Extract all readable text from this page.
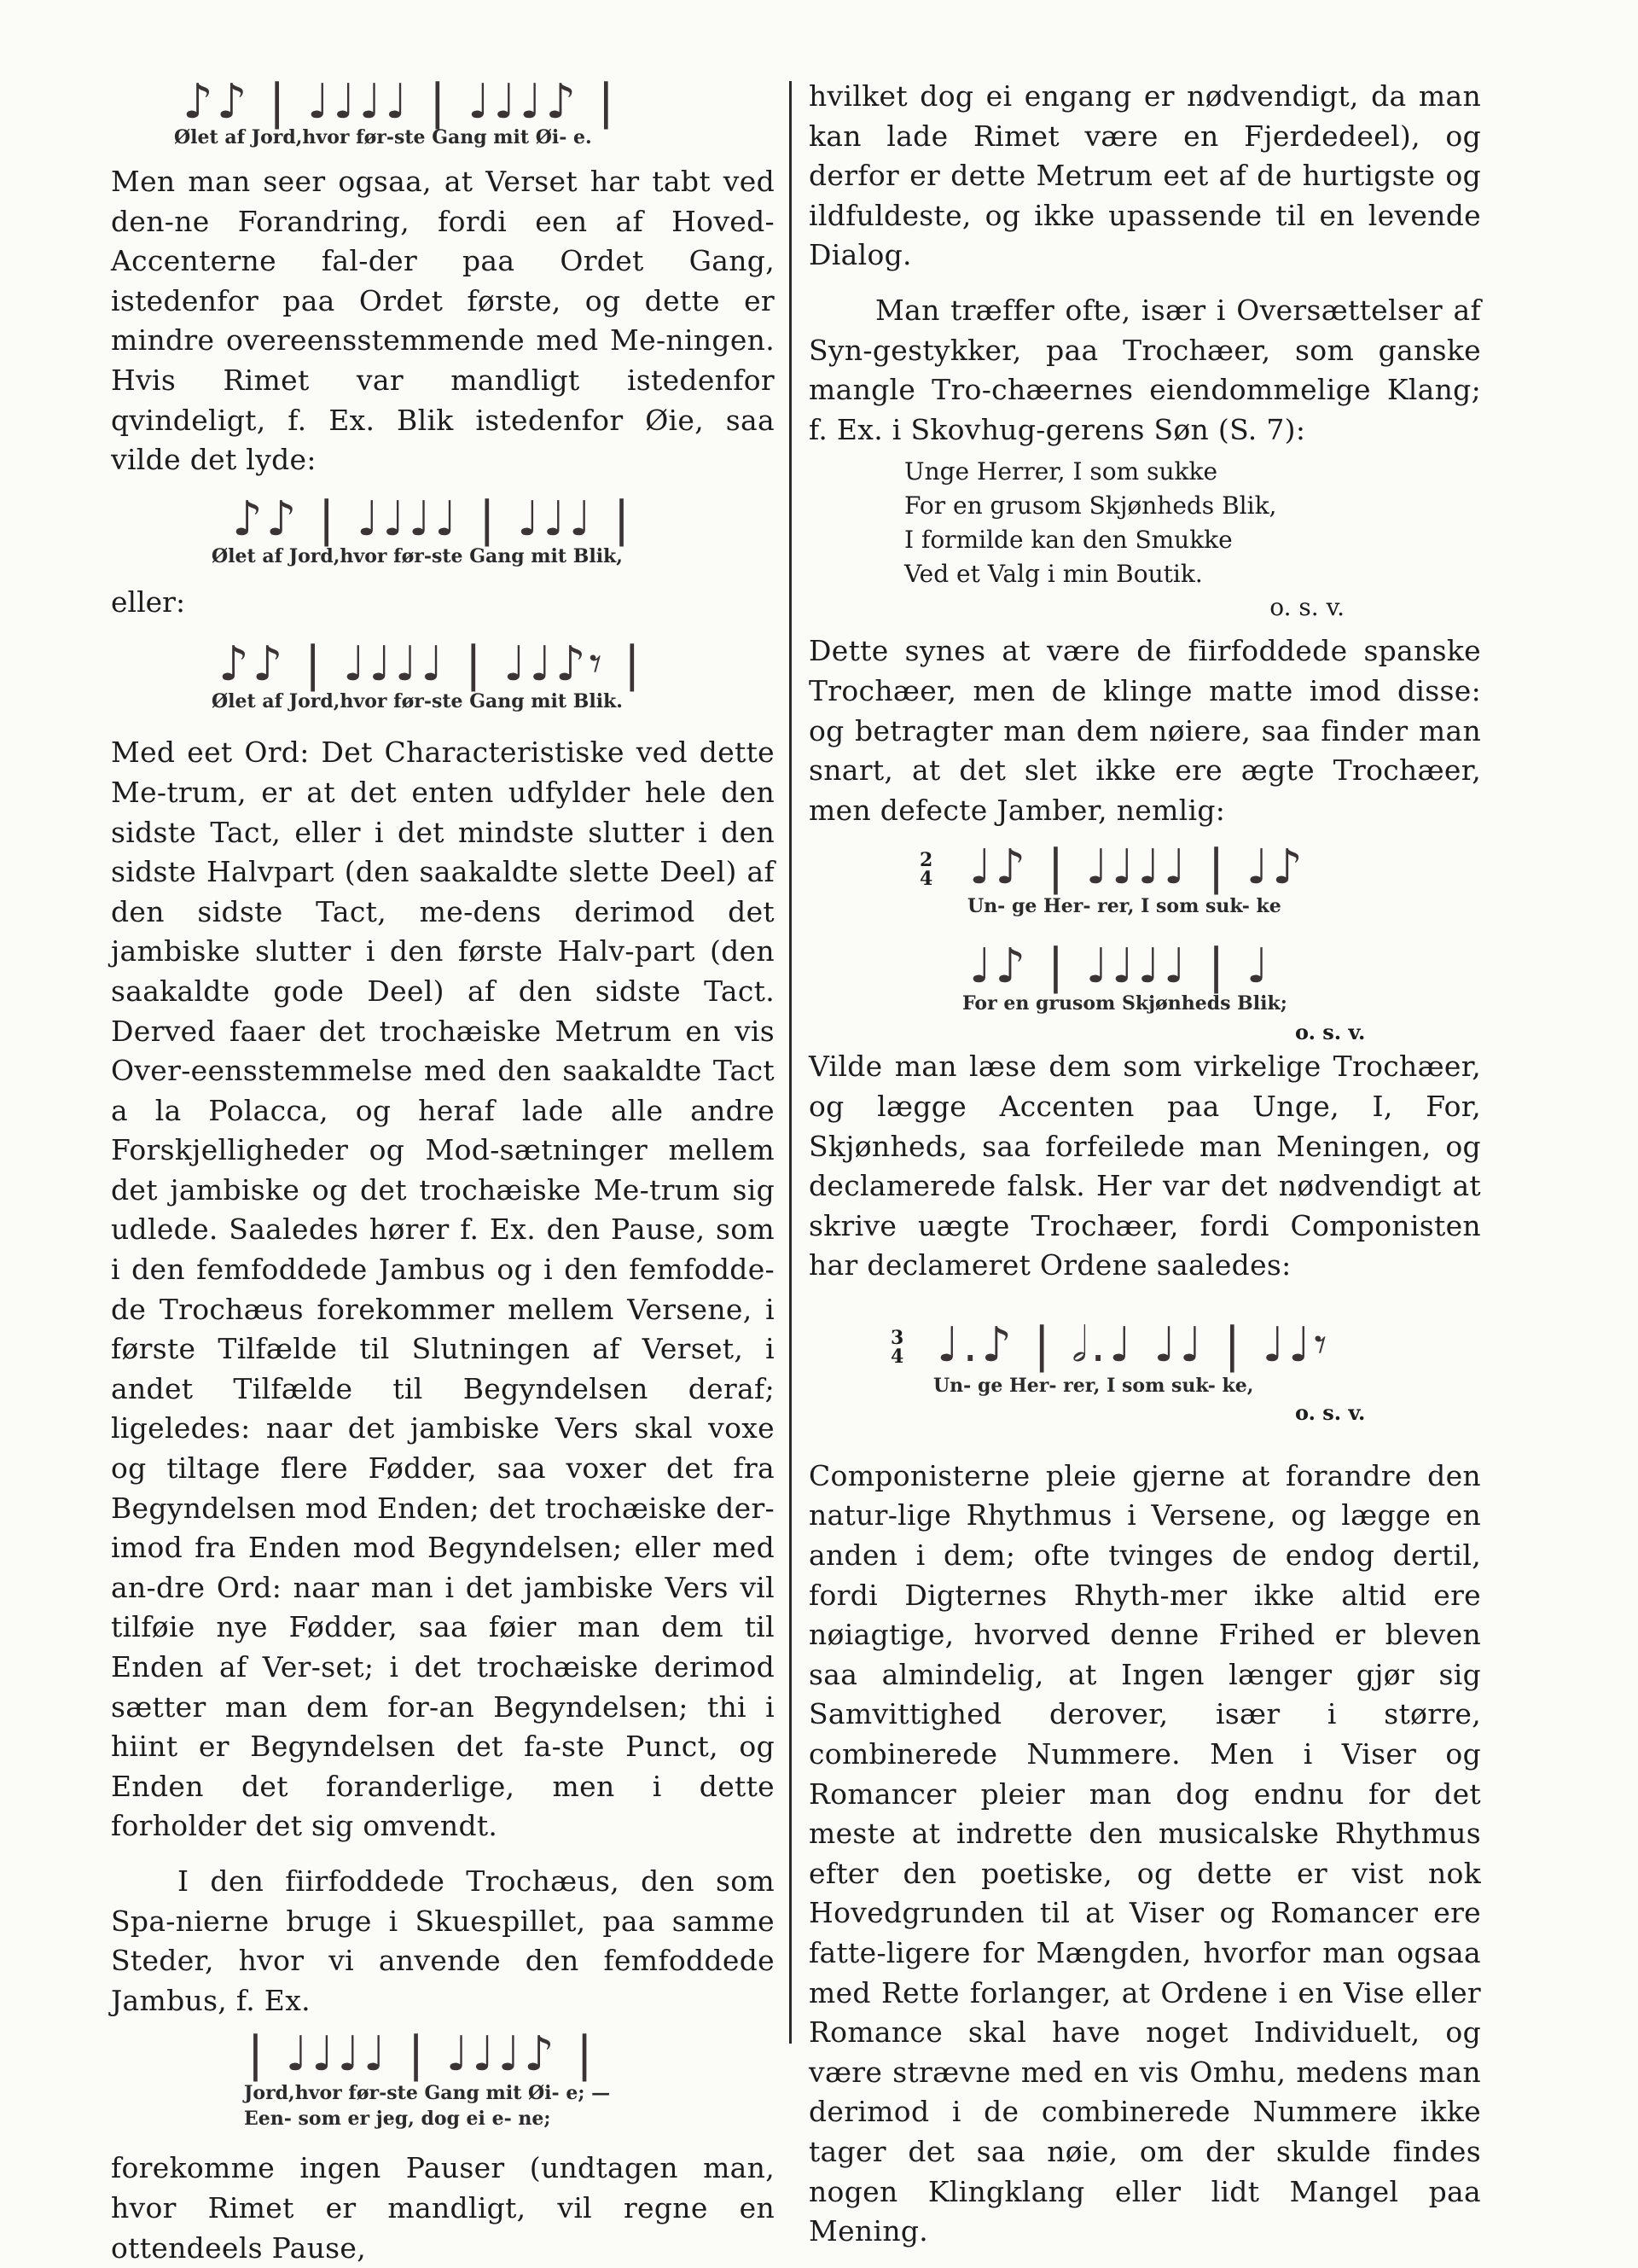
♪♪ | ♩♩♩♩ | ♩♩♩♪ |
Ølet af Jord,hvor før-ste Gang mit Øi- e.

Men man seer ogsaa, at Verset har tabt ved den-ne Forandring, fordi een af Hoved-Accenterne fal-der paa Ordet Gang, istedenfor paa Ordet første, og dette er mindre overeensstemmende med Me-ningen. Hvis Rimet var mandligt istedenfor qvindeligt, f. Ex. Blik istedenfor Øie, saa vilde det lyde:

♪♪ | ♩♩♩♩ | ♩♩♩ |
Ølet af Jord,hvor før-ste Gang mit Blik,

eller:

♪♪ | ♩♩♩♩ | ♩♩♪𝄾 |
Ølet af Jord,hvor før-ste Gang mit Blik.

Med eet Ord: Det Characteristiske ved dette Me-trum, er at det enten udfylder hele den sidste Tact, eller i det mindste slutter i den sidste Halvpart (den saakaldte slette Deel) af den sidste Tact, me-dens derimod det jambiske slutter i den første Halv-part (den saakaldte gode Deel) af den sidste Tact. Derved faaer det trochæiske Metrum en vis Over-eensstemmelse med den saakaldte Tact a la Polacca, og heraf lade alle andre Forskjelligheder og Mod-sætninger mellem det jambiske og det trochæiske Me-trum sig udlede. Saaledes hører f. Ex. den Pause, som i den femfoddede Jambus og i den femfodde-de Trochæus forekommer mellem Versene, i første Tilfælde til Slutningen af Verset, i andet Tilfælde til Begyndelsen deraf; ligeledes: naar det jambiske Vers skal voxe og tiltage flere Fødder, saa voxer det fra Begyndelsen mod Enden; det trochæiske der-imod fra Enden mod Begyndelsen; eller med an-dre Ord: naar man i det jambiske Vers vil tilføie nye Fødder, saa føier man dem til Enden af Ver-set; i det trochæiske derimod sætter man dem for-an Begyndelsen; thi i hiint er Begyndelsen det fa-ste Punct, og Enden det foranderlige, men i dette forholder det sig omvendt.

I den fiirfoddede Trochæus, den som Spa-nierne bruge i Skuespillet, paa samme Steder, hvor vi anvende den femfoddede Jambus, f. Ex.

| ♩♩♩♩ | ♩♩♩♪ |
Jord,hvor før-ste Gang mit Øi- e; —
Een- som er jeg, dog ei e- ne;

forekomme ingen Pauser (undtagen man, hvor Rimet er mandligt, vil regne en ottendeels Pause,

hvilket dog ei engang er nødvendigt, da man kan lade Rimet være en Fjerdedeel), og derfor er dette Metrum eet af de hurtigste og ildfuldeste, og ikke upassende til en levende Dialog.

Man træffer ofte, især i Oversættelser af Syn-gestykker, paa Trochæer, som ganske mangle Tro-chæernes eiendommelige Klang; f. Ex. i Skovhug-gerens Søn (S. 7):

Unge Herrer, I som sukke

For en grusom Skjønheds Blik,

I formilde kan den Smukke

Ved et Valg i min Boutik.

o. s. v.

Dette synes at være de fiirfoddede spanske Trochæer, men de klinge matte imod disse: og betragter man dem nøiere, saa finder man snart, at det slet ikke ere ægte Trochæer, men defecte Jamber, nemlig:

2
4 ♩♪ | ♩♩♩♩ | ♩♪
Un- ge Her- rer, I som suk- ke
♩♪ | ♩♩♩♩ | ♩
For en grusom Skjønheds Blik;
o. s. v.

Vilde man læse dem som virkelige Trochæer, og lægge Accenten paa Unge, I, For, Skjønheds, saa forfeilede man Meningen, og declamerede falsk. Her var det nødvendigt at skrive uægte Trochæer, fordi Componisten har declameret Ordene saaledes:

3
4 ♩.♪ | 𝅗𝅥.♩ ♩♩ | ♩♩𝄾
Un- ge Her- rer, I som suk- ke,
o. s. v.

Componisterne pleie gjerne at forandre den natur-lige Rhythmus i Versene, og lægge en anden i dem; ofte tvinges de endog dertil, fordi Digternes Rhyth-mer ikke altid ere nøiagtige, hvorved denne Frihed er bleven saa almindelig, at Ingen længer gjør sig Samvittighed derover, især i større, combinerede Nummere. Men i Viser og Romancer pleier man dog endnu for det meste at indrette den musicalske Rhythmus efter den poetiske, og dette er vist nok Hovedgrunden til at Viser og Romancer ere fatte-ligere for Mængden, hvorfor man ogsaa med Rette forlanger, at Ordene i en Vise eller Romance skal have noget Individuelt, og være strævne med en vis Omhu, medens man derimod i de combinerede Nummere ikke tager det saa nøie, om der skulde findes nogen Klingklang eller lidt Mangel paa Mening.
